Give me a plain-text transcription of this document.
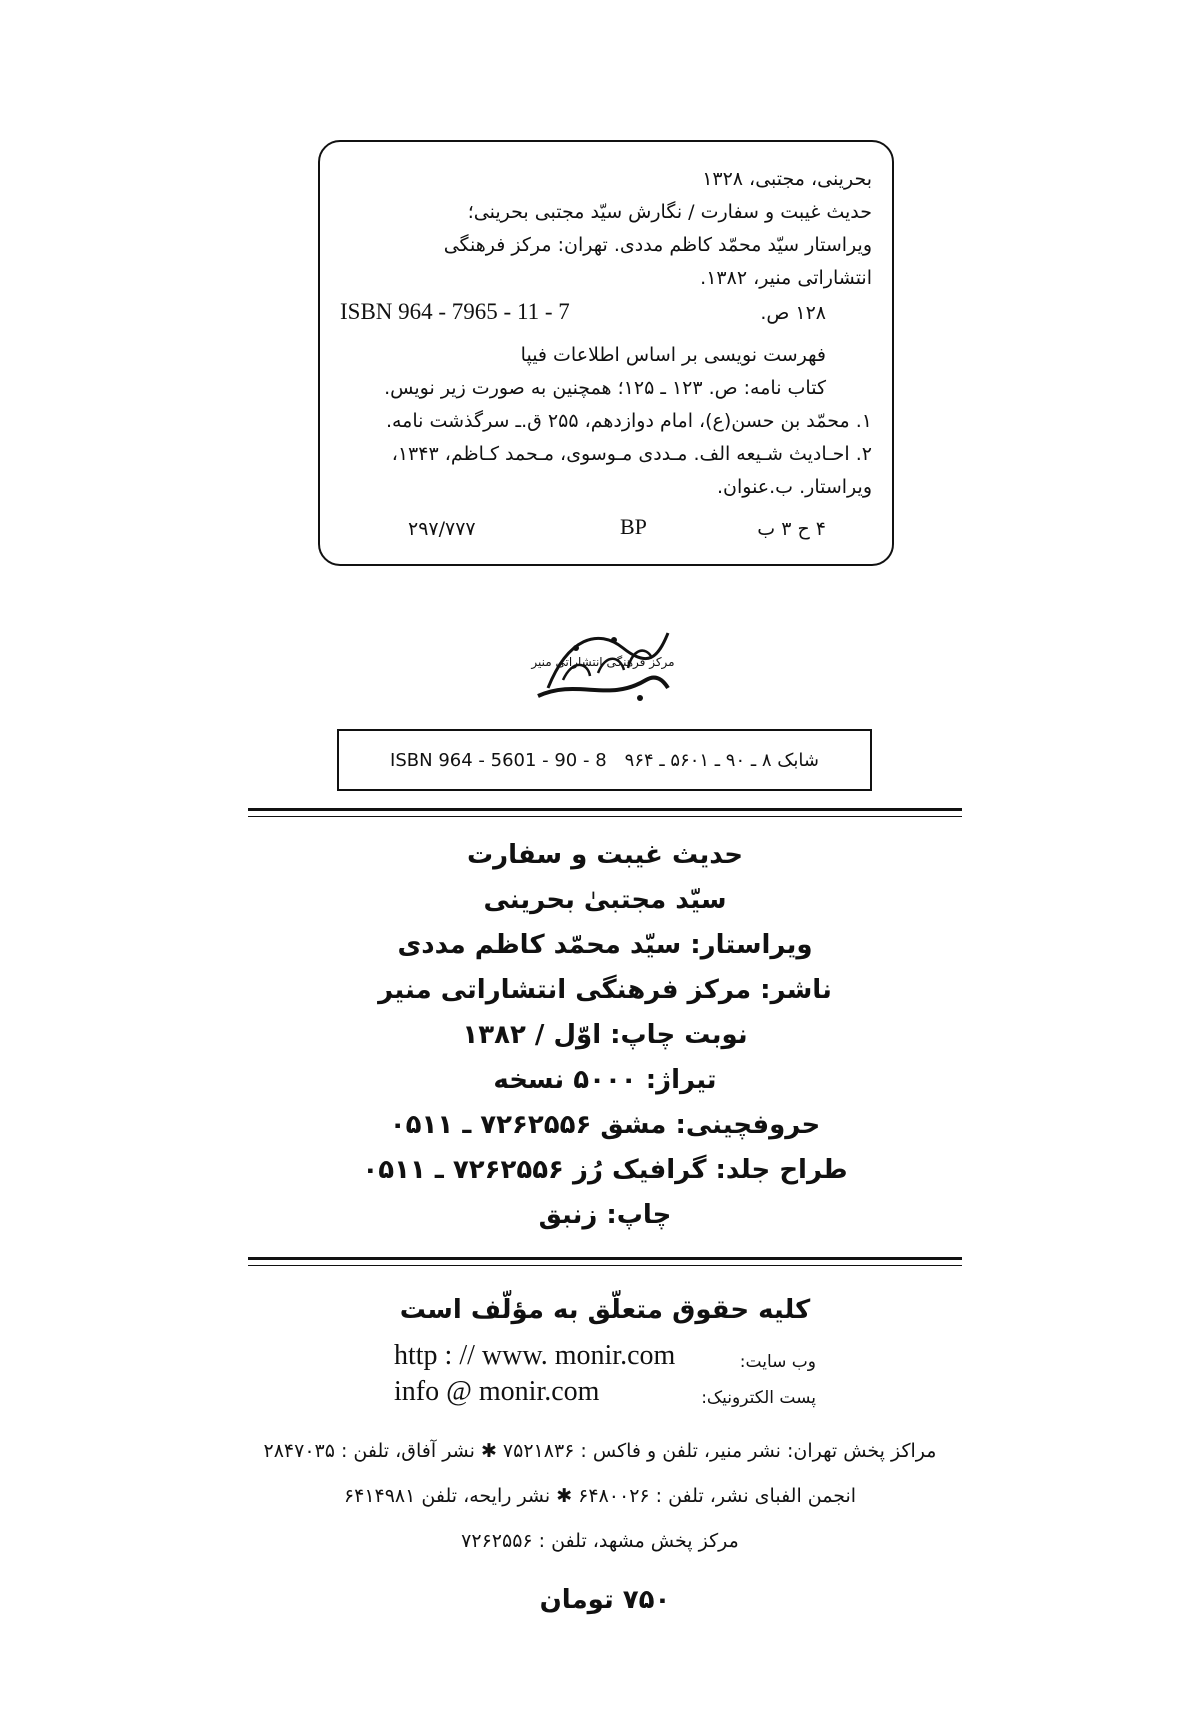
بحرینی، مجتبی، ۱۳۲۸
حدیث غیبت و سفارت / نگارش سیّد مجتبی بحرینی؛
ویراستار سیّد محمّد کاظم مددی. تهران: مرکز فرهنگی
انتشاراتی منیر، ۱۳۸۲.
۱۲۸ ص.
ISBN 964 - 7965 - 11 - 7
فهرست نویسی بر اساس اطلاعات فیپا
کتاب نامه: ص. ۱۲۳ ـ ۱۲۵؛ همچنین به صورت زیر نویس.
۱. محمّد بن حسن(ع)، امام دوازدهم، ۲۵۵ ق.ـ سرگذشت نامه.
۲. احـادیث شـیعه الف. مـددی مـوسوی، مـحمد کـاظم، ۱۳۴۳،
ویراستار. ب.عنوان.
۲۹۷/۷۷۷	BP	۴ ح ۳ ب
مرکز فرهنگی انتشاراتی منیر
ISBN 964 - 5601 - 90 - 8 شابک ۸ ـ ۹۰ ـ ۵۶۰۱ ـ ۹۶۴
حدیث غیبت و سفارت
سیّد مجتبیٰ بحرینی
ویراستار: سیّد محمّد کاظم مددی
ناشر: مرکز فرهنگی انتشاراتی منیر
نوبت چاپ: اوّل / ۱۳۸۲
تیراژ: ۵۰۰۰ نسخه
حروفچینی: مشق ۷۲۶۲۵۵۶ ـ ۰۵۱۱
طراح جلد: گرافیک رُز ۷۲۶۲۵۵۶ ـ ۰۵۱۱
چاپ: زنبق
کلیه حقوق متعلّق به مؤلّف است
وب سایت:
http : // www. monir.com
پست الکترونیک:
info @ monir.com
مراکز پخش تهران: نشر منیر، تلفن و فاکس : ۷۵۲۱۸۳۶ ✱ نشر آفاق، تلفن : ۲۸۴۷۰۳۵
انجمن الفبای نشر، تلفن : ۶۴۸۰۰۲۶ ✱ نشر رایحه، تلفن ۶۴۱۴۹۸۱
مرکز پخش مشهد، تلفن : ۷۲۶۲۵۵۶
۷۵۰ تومان
